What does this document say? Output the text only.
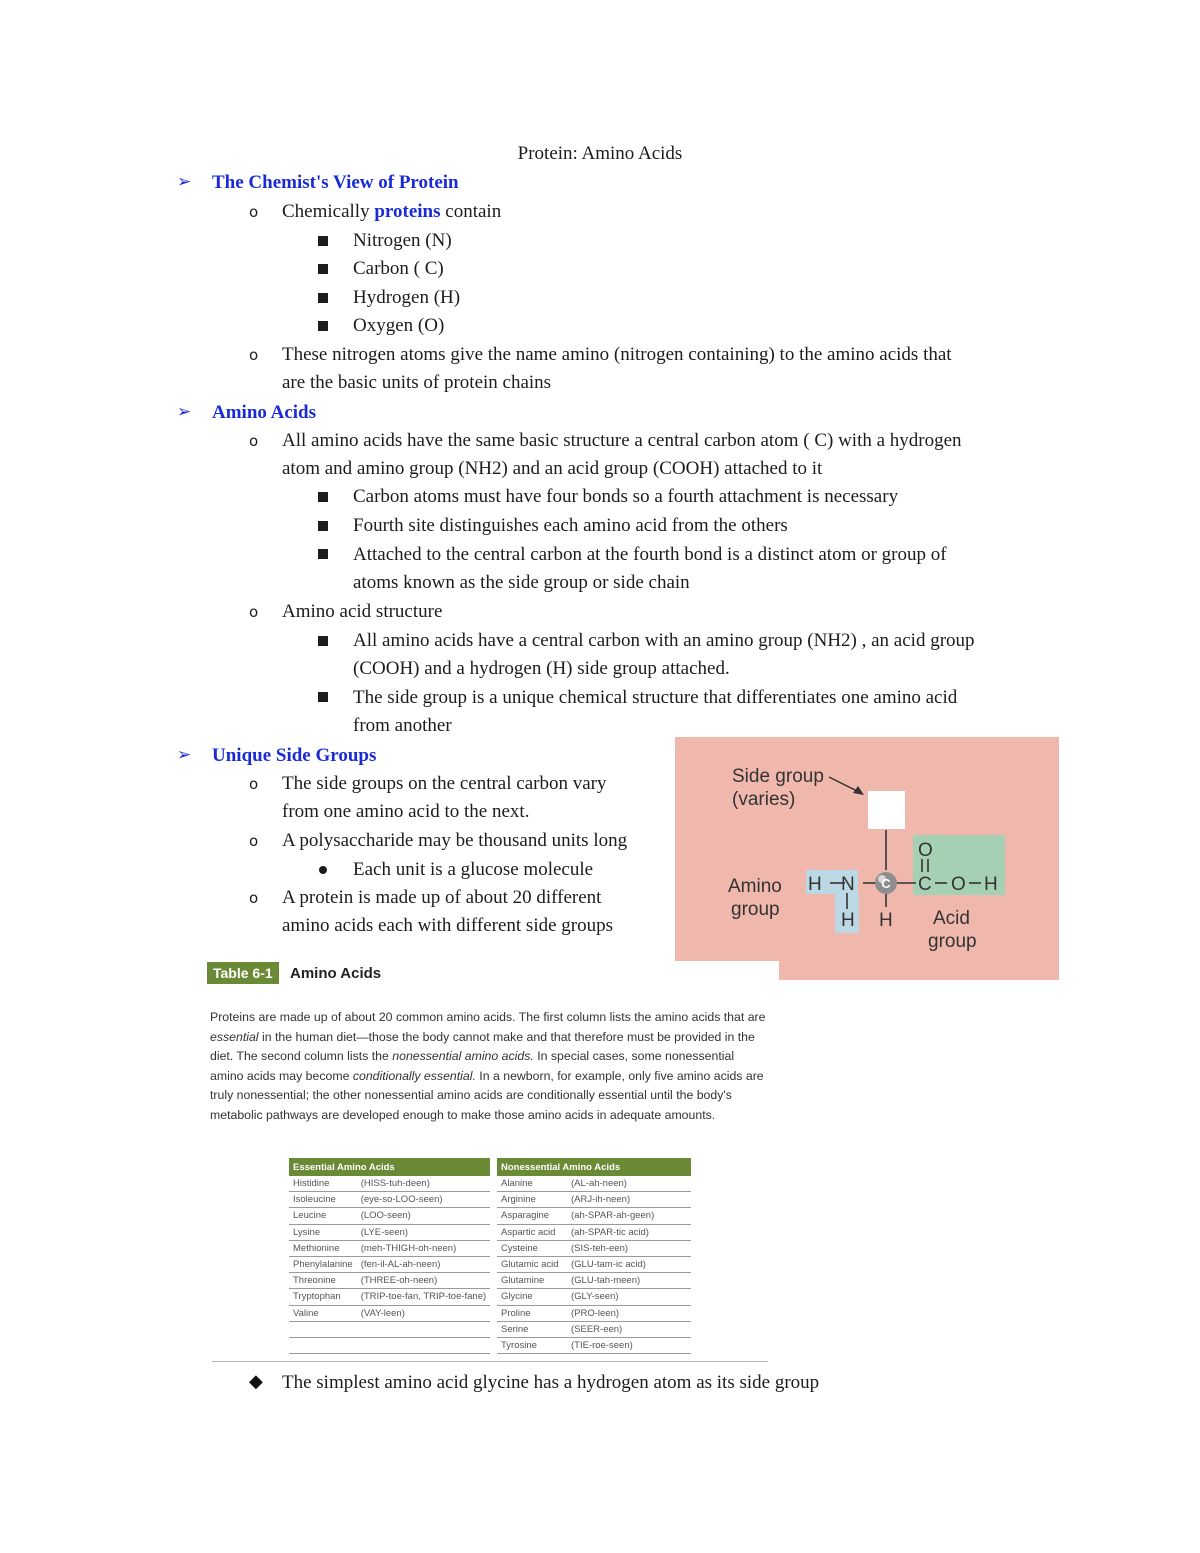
Protein: Amino Acids
➢ The Chemist's View of Protein
o Chemically proteins contain
Nitrogen (N)
Carbon ( C)
Hydrogen (H)
Oxygen (O)
o These nitrogen atoms give the name amino (nitrogen containing) to the amino acids that
are the basic units of protein chains
➢ Amino Acids
o All amino acids have the same basic structure a central carbon atom ( C) with a hydrogen
atom and amino group (NH2) and an acid group (COOH) attached to it
Carbon atoms must have four bonds so a fourth attachment is necessary
Fourth site distinguishes each amino acid from the others
Attached to the central carbon at the fourth bond is a distinct atom or group of
atoms known as the side group or side chain
o Amino acid structure
All amino acids have a central carbon with an amino group (NH2) , an acid group
(COOH) and a hydrogen (H) side group attached.
The side group is a unique chemical structure that differentiates one amino acid
from another
➢ Unique Side Groups
o The side groups on the central carbon vary
from one amino acid to the next.
o A polysaccharide may be thousand units long
Each unit is a glucose molecule
o A protein is made up of about 20 different
amino acids each with different side groups
C
H N
H H
C
O
O H
Side group
(varies)
Amino
group	Acid
group
Table 6-1	Amino Acids
Proteins are made up of about 20 common amino acids. The first column lists the amino acids that are essential in the human diet—those the body cannot make and that therefore must be provided in the diet. The second column lists the nonessential amino acids. In special cases, some nonessential amino acids may become conditionally essential. In a newborn, for example, only five amino acids are truly nonessential; the other nonessential amino acids are conditionally essential until the body's metabolic pathways are developed enough to make those amino acids in adequate amounts.
Essential Amino Acids	
Histidine	(HISS-tuh-deen)
Isoleucine	(eye-so-LOO-seen)
Leucine	(LOO-seen)
Lysine	(LYE-seen)
Methionine	(meh-THIGH-oh-neen)
Phenylalanine	(fen-il-AL-ah-neen)
Threonine	(THREE-oh-neen)
Tryptophan	(TRIP-toe-fan, TRIP-toe-fane)
Valine	(VAY-leen)

Nonessential Amino Acids	
Alanine	(AL-ah-neen)
Arginine	(ARJ-ih-neen)
Asparagine	(ah-SPAR-ah-geen)
Aspartic acid	(ah-SPAR-tic acid)
Cysteine	(SIS-teh-een)
Glutamic acid	(GLU-tam-ic acid)
Glutamine	(GLU-tah-meen)
Glycine	(GLY-seen)
Proline	(PRO-leen)
Serine	(SEER-een)
Tyrosine	(TIE-roe-seen)
◆ The simplest amino acid glycine has a hydrogen atom as its side group
